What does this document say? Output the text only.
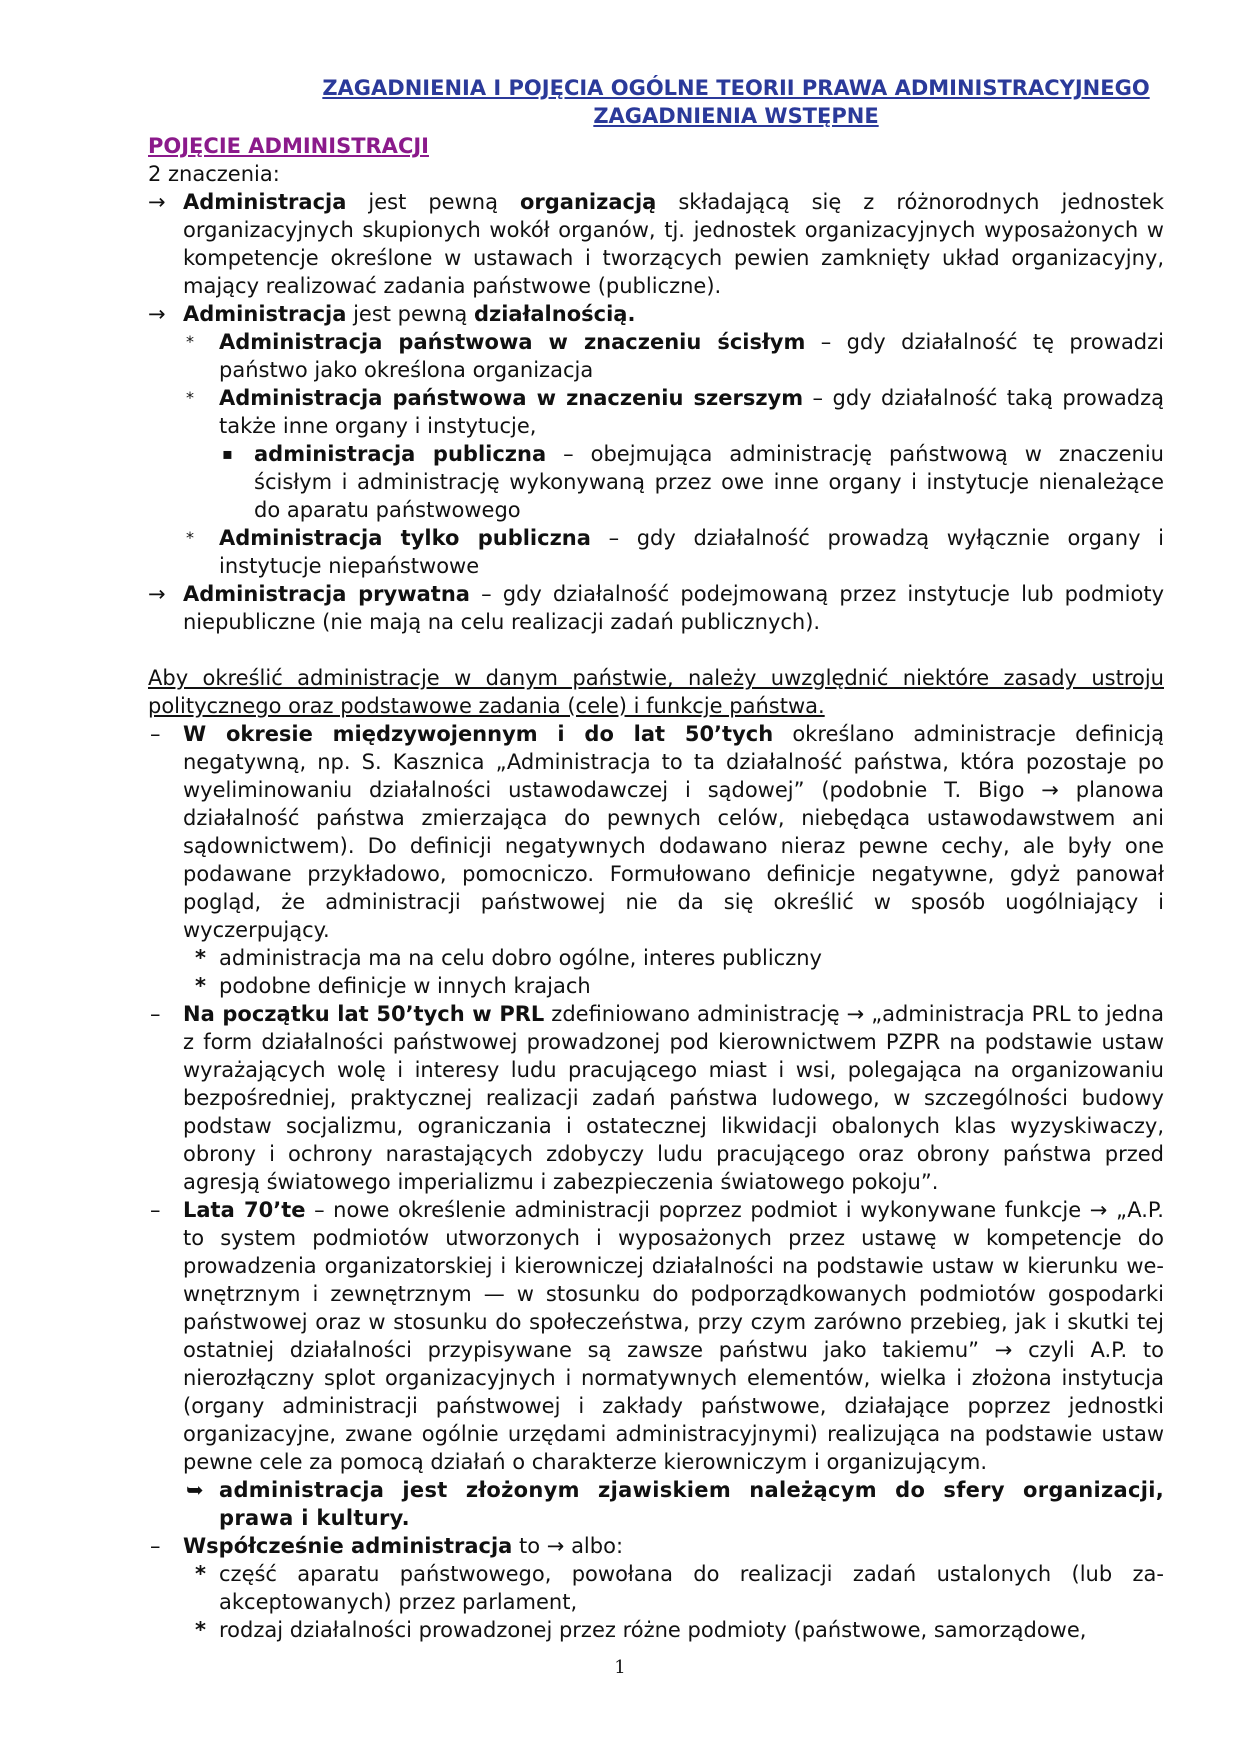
ZAGADNIENIA I POJĘCIA OGÓLNE TEORII PRAWA ADMINISTRACYJNEGO
ZAGADNIENIA WSTĘPNE
POJĘCIE ADMINISTRACJI
2 znaczenia:
→ Administracja jest pewną organizacją składającą się z różnorodnych jednostek organizacyjnych skupionych wokół organów, tj. jednostek organizacyjnych wyposażonych w kompetencje określone w ustawach i tworzących pewien zamknięty układ organizacyjny, mający realizować zadania państwowe (publiczne).
→ Administracja jest pewną działalnością.
* Administracja państwowa w znaczeniu ścisłym – gdy działalność tę prowadzi państwo jako określona organizacja
* Administracja państwowa w znaczeniu szerszym – gdy działalność taką prowadzą także inne organy i instytucje,
▪ administracja publiczna – obejmująca administrację państwową w znaczeniu ścisłym i administrację wykonywaną przez owe inne organy i instytucje nienależące do aparatu państwowego
* Administracja tylko publiczna – gdy działalność prowadzą wyłącznie organy i instytucje niepaństwowe
→ Administracja prywatna – gdy działalność podejmowaną przez instytucje lub podmioty niepubliczne (nie mają na celu realizacji zadań publicznych).
Aby określić administracje w danym państwie, należy uwzględnić niektóre zasady ustroju politycznego oraz podstawowe zadania (cele) i funkcje państwa.
– W okresie międzywojennym i do lat 50’tych określano administracje definicją negatywną, np. S. Kasznica „Administracja to ta działalność państwa, która pozostaje po wyeliminowaniu działalności ustawodawczej i sądowej” (podobnie T. Bigo → planowa działalność państwa zmierzająca do pewnych celów, niebędąca ustawodawstwem ani sądownictwem). Do definicji negatywnych dodawano nieraz pewne cechy, ale były one podawane przykładowo, pomocniczo. Formułowano definicje negatywne, gdyż panował pogląd, że administracji państwowej nie da się określić w sposób uogólniający i wyczerpujący.
* administracja ma na celu dobro ogólne, interes publiczny
* podobne definicje w innych krajach
– Na początku lat 50’tych w PRL zdefiniowano administrację → „administracja PRL to jedna z form działalności państwowej prowadzonej pod kierownictwem PZPR na podstawie ustaw wyrażających wolę i interesy ludu pracującego miast i wsi, polegająca na organizowaniu bezpośredniej, praktycznej realizacji zadań państwa ludowego, w szczególności budowy podstaw socjalizmu, ograniczania i ostatecznej likwidacji obalonych klas wyzyskiwaczy, obrony i ochrony narastających zdobyczy ludu pracującego oraz obrony państwa przed agresją światowego imperializmu i zabezpieczenia światowego pokoju”.
– Lata 70’te – nowe określenie administracji poprzez podmiot i wykonywane funkcje → „A.P. to system podmiotów utworzonych i wyposażonych przez ustawę w kompetencje do prowadzenia organizatorskiej i kierowniczej działalności na podstawie ustaw w kierunku we-wnętrznym i zewnętrznym — w stosunku do podporządkowanych podmiotów gospodarki państwowej oraz w stosunku do społeczeństwa, przy czym zarówno przebieg, jak i skutki tej ostatniej działalności przypisywane są zawsze państwu jako takiemu” → czyli A.P. to nierozłączny splot organizacyjnych i normatywnych elementów, wielka i złożona instytucja (organy administracji państwowej i zakłady państwowe, działające poprzez jednostki organizacyjne, zwane ogólnie urzędami administracyjnymi) realizująca na podstawie ustaw pewne cele za pomocą działań o charakterze kierowniczym i organizującym.
➥ administracja jest złożonym zjawiskiem należącym do sfery organizacji, prawa i kultury.
– Współcześnie administracja to → albo:
* część aparatu państwowego, powołana do realizacji zadań ustalonych (lub za-akceptowanych) przez parlament,
* rodzaj działalności prowadzonej przez różne podmioty (państwowe, samorządowe,
1
